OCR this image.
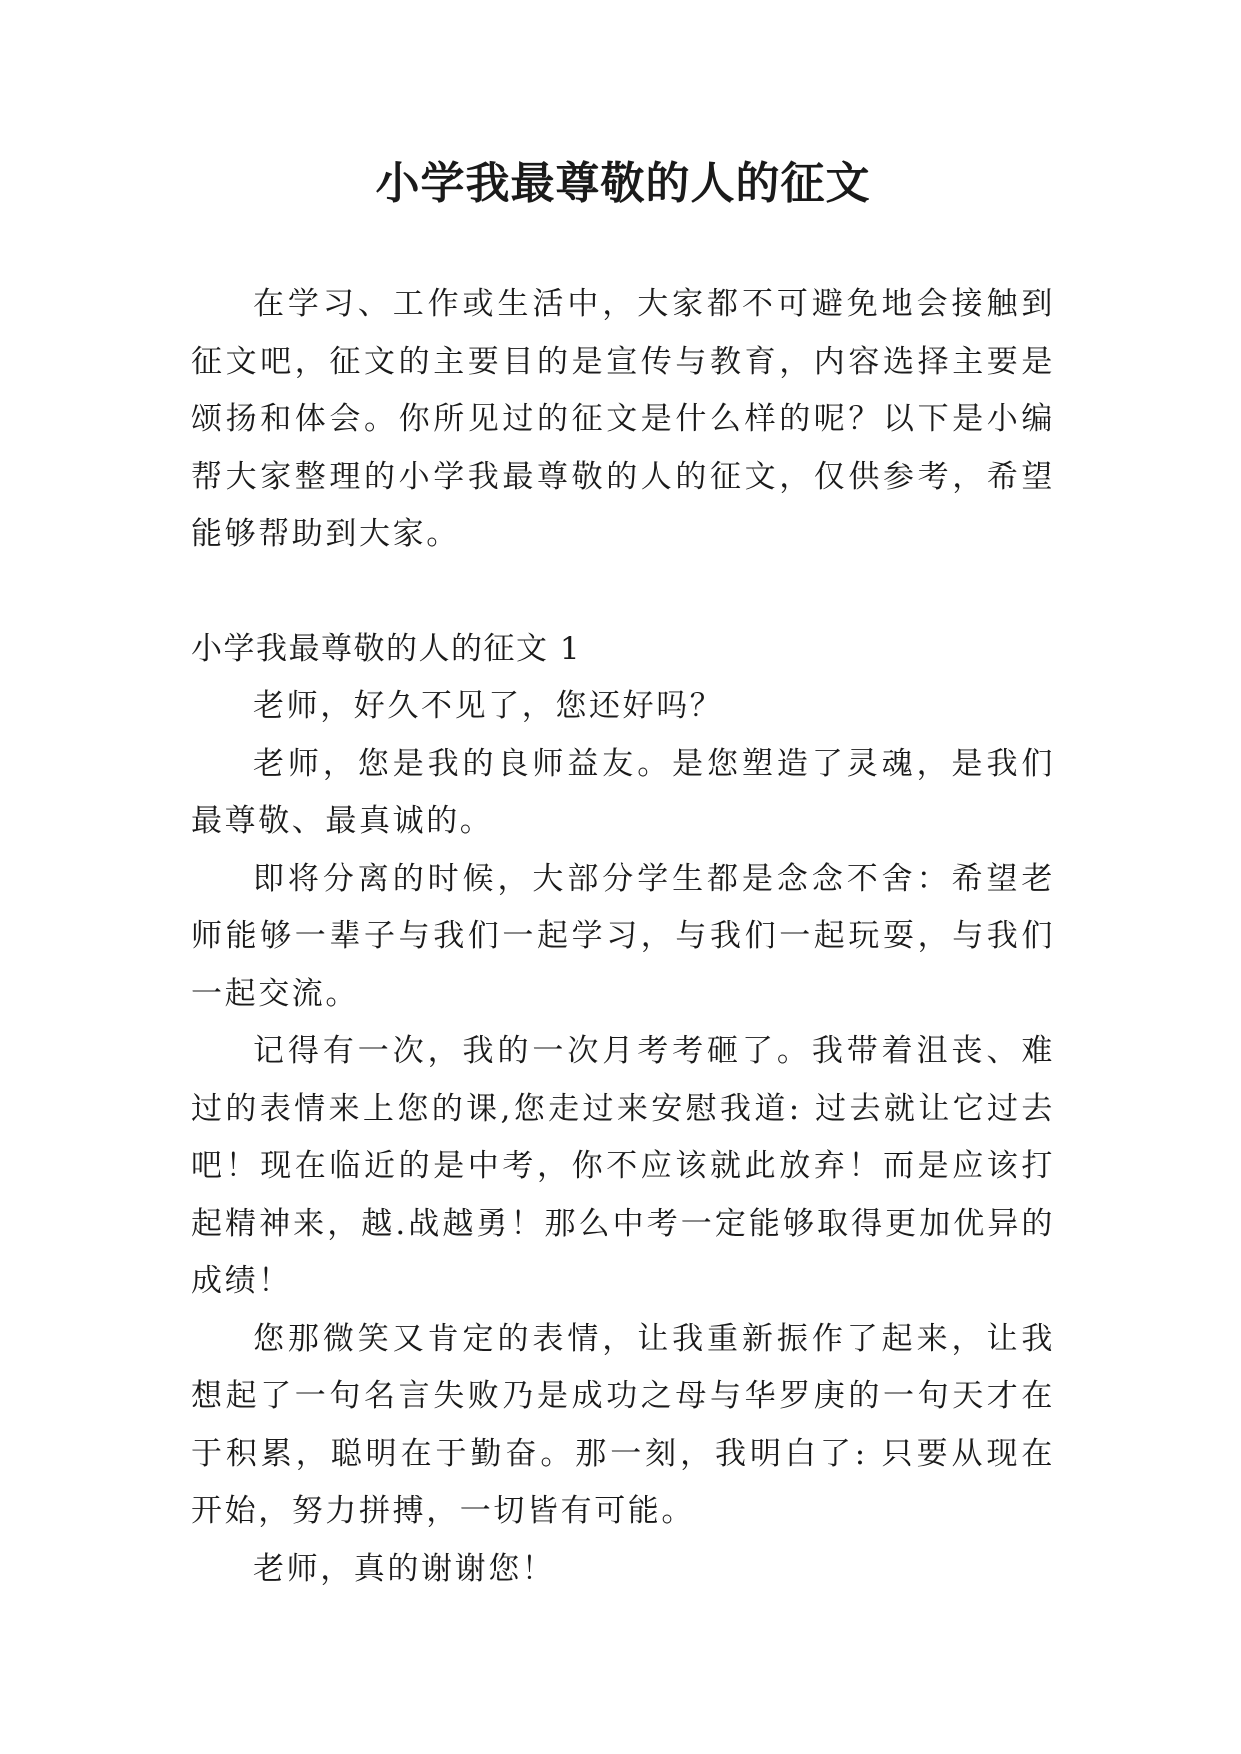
小学我最尊敬的人的征文

在学习、工作或生活中，大家都不可避免地会接触到征文吧，征文的主要目的是宣传与教育，内容选择主要是颂扬和体会。你所见过的征文是什么样的呢？以下是小编帮大家整理的小学我最尊敬的人的征文，仅供参考，希望能够帮助到大家。

小学我最尊敬的人的征文 1

老师，好久不见了，您还好吗？

老师，您是我的良师益友。是您塑造了灵魂，是我们最尊敬、最真诚的。

即将分离的时候，大部分学生都是念念不舍：希望老师能够一辈子与我们一起学习，与我们一起玩耍，与我们一起交流。

记得有一次，我的一次月考考砸了。我带着沮丧、难过的表情来上您的课,您走过来安慰我道: 过去就让它过去吧！现在临近的是中考，你不应该就此放弃！而是应该打起精神来，越.战越勇！那么中考一定能够取得更加优异的成绩！

您那微笑又肯定的表情，让我重新振作了起来，让我想起了一句名言失败乃是成功之母与华罗庚的一句天才在于积累，聪明在于勤奋。那一刻，我明白了: 只要从现在开始，努力拼搏，一切皆有可能。

老师，真的谢谢您！
